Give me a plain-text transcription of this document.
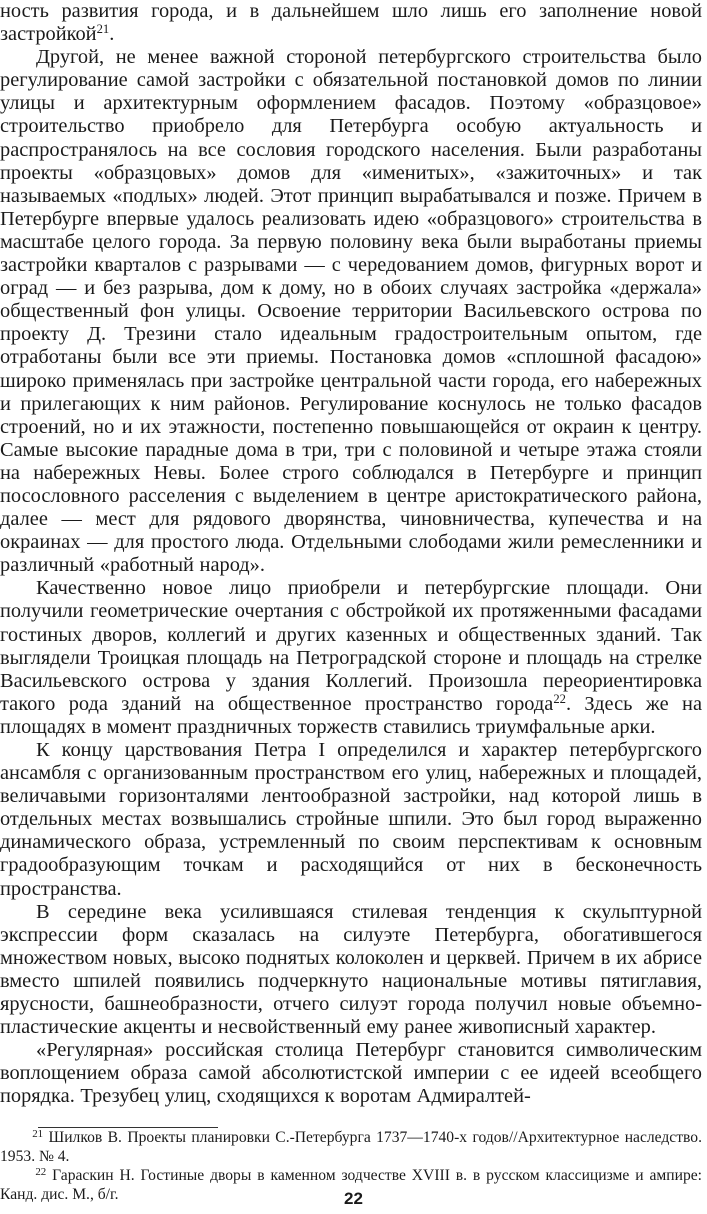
ность развития города, и в дальнейшем шло лишь его заполнение новой застройкой$^{21}$.

Другой, не менее важной стороной петербургского строительства было регулирование самой застройки с обязательной постановкой домов по линии улицы и архитектурным оформлением фасадов. Поэтому «образцовое» строительство приобрело для Петербурга особую актуальность и распространялось на все сословия городского населения. Были разработаны проекты «образцовых» домов для «именитых», «зажиточных» и так называемых «подлых» людей. Этот принцип вырабатывался и позже. Причем в Петербурге впервые удалось реализовать идею «образцового» строительства в масштабе целого города. За первую половину века были выработаны приемы застройки кварталов с разрывами — с чередованием домов, фигурных ворот и оград — и без разрыва, дом к дому, но в обоих случаях застройка «держала» общественный фон улицы. Освоение территории Васильевского острова по проекту Д. Трезини стало идеальным градостроительным опытом, где отработаны были все эти приемы. Постановка домов «сплошной фасадою» широко применялась при застройке центральной части города, его набережных и прилегающих к ним районов. Регулирование коснулось не только фасадов строений, но и их этажности, постепенно повышающейся от окраин к центру. Самые высокие парадные дома в три, три с половиной и четыре этажа стояли на набережных Невы. Более строго соблюдался в Петербурге и принцип посословного расселения с выделением в центре аристократического района, далее — мест для рядового дворянства, чиновничества, купечества и на окраинах — для простого люда. Отдельными слободами жили ремесленники и различный «работный народ».

Качественно новое лицо приобрели и петербургские площади. Они получили геометрические очертания с обстройкой их протяженными фасадами гостиных дворов, коллегий и других казенных и общественных зданий. Так выглядели Троицкая площадь на Петроградской стороне и площадь на стрелке Васильевского острова у здания Коллегий. Произошла переориентировка такого рода зданий на общественное пространство города$^{22}$. Здесь же на площадях в момент праздничных торжеств ставились триумфальные арки.

К концу царствования Петра I определился и характер петербургского ансамбля с организованным пространством его улиц, набережных и площадей, величавыми горизонталями лентообразной застройки, над которой лишь в отдельных местах возвышались стройные шпили. Это был город выраженно динамического образа, устремленный по своим перспективам к основным градообразующим точкам и расходящийся от них в бесконечность пространства.

В середине века усилившаяся стилевая тенденция к скульптурной экспрессии форм сказалась на силуэте Петербурга, обогатившегося множеством новых, высоко поднятых колоколен и церквей. Причем в их абрисе вместо шпилей появились подчеркнуто национальные мотивы пятиглавия, ярусности, башнеобразности, отчего силуэт города получил новые объемно-пластические акценты и несвойственный ему ранее живописный характер.

«Регулярная» российская столица Петербург становится символическим воплощением образа самой абсолютистской империи с ее идеей всеобщего порядка. Трезубец улиц, сходящихся к воротам Адмиралтей-

$^{21}$ Шилков В. Проекты планировки С.-Петербурга 1737—1740-х годов//Архитектурное наследство. 1953. № 4.

$^{22}$ Гараскин Н. Гостиные дворы в каменном зодчестве XVIII в. в русском классицизме и ампире: Канд. дис. М., б/г.	22
